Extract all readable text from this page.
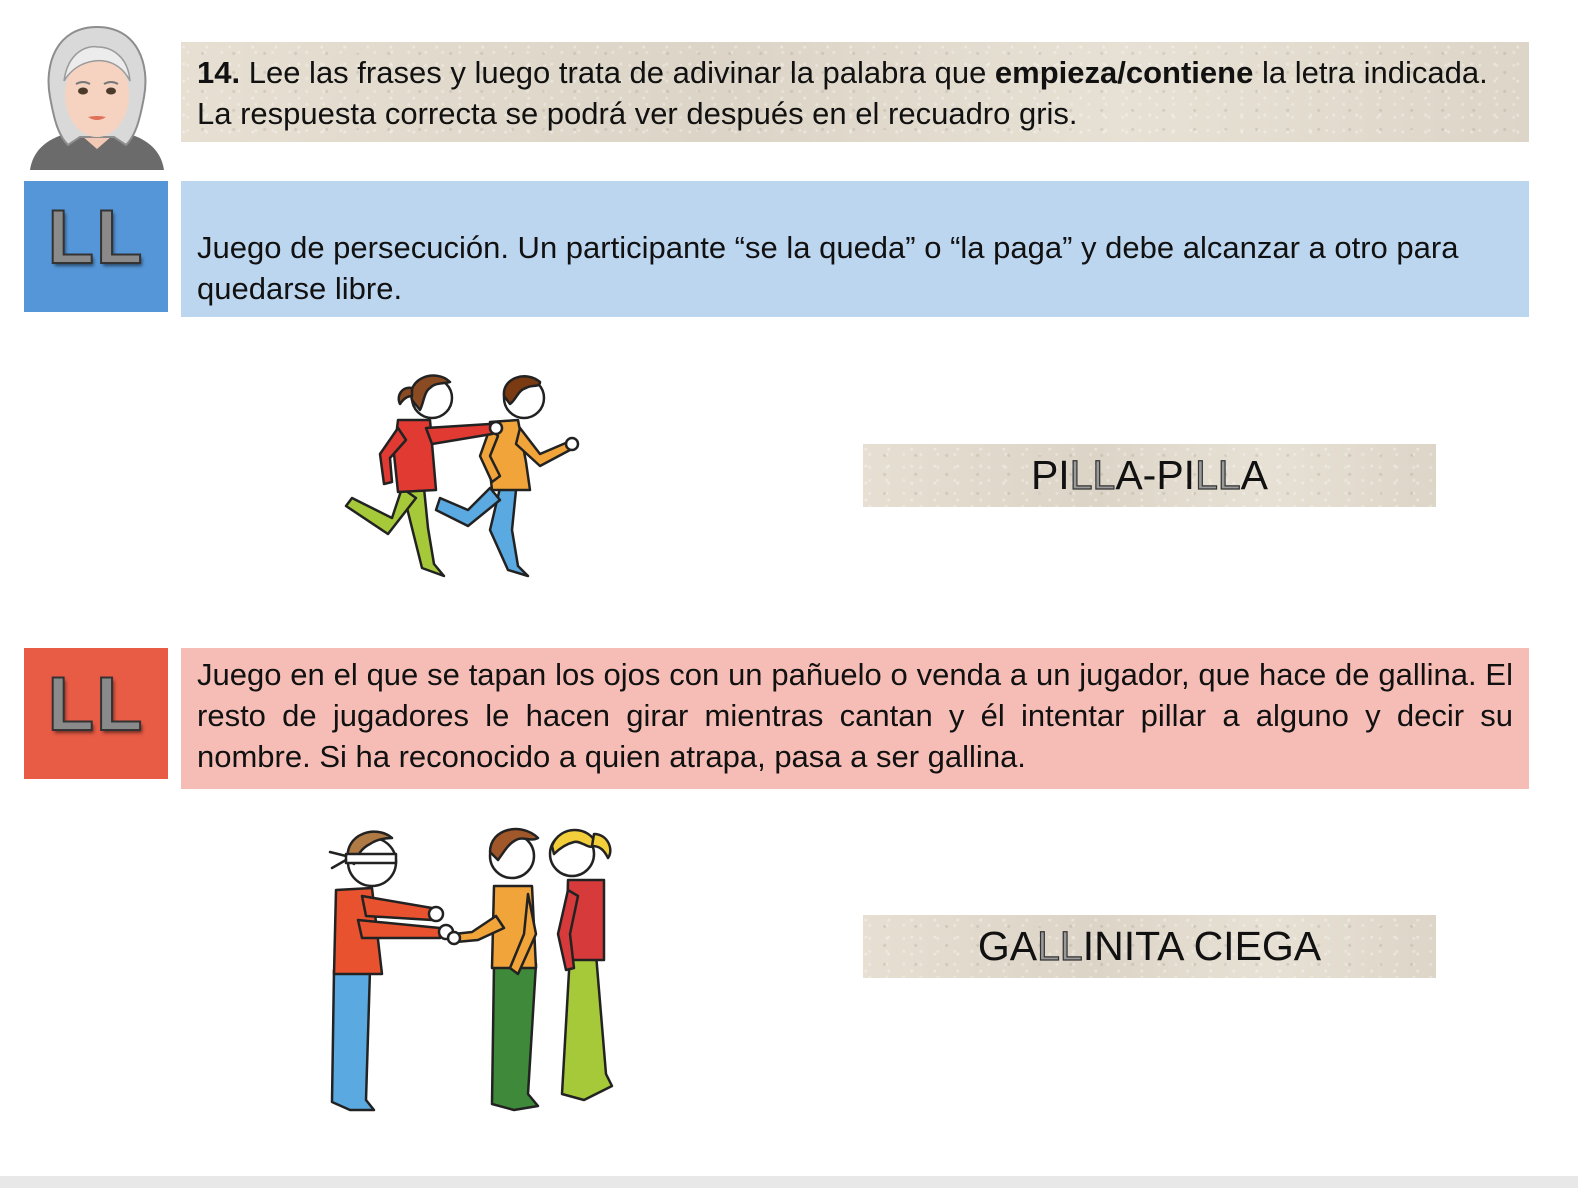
14. Lee las frases y luego trata de adivinar la palabra que empieza/contiene la letra indicada. La respuesta correcta se podrá ver después en el recuadro gris.
LL	Juego de persecución. Un participante “se la queda” o “la paga” y debe alcanzar a otro para quedarse libre.
PI LL A-PI LL A
LL	Juego en el que se tapan los ojos con un pañuelo o venda a un jugador, que hace de gallina. El resto de jugadores le hacen girar mientras cantan y él intentar pillar a alguno y decir su nombre. Si ha reconocido a quien atrapa, pasa a ser gallina.
GA LL INITA CIEGA
